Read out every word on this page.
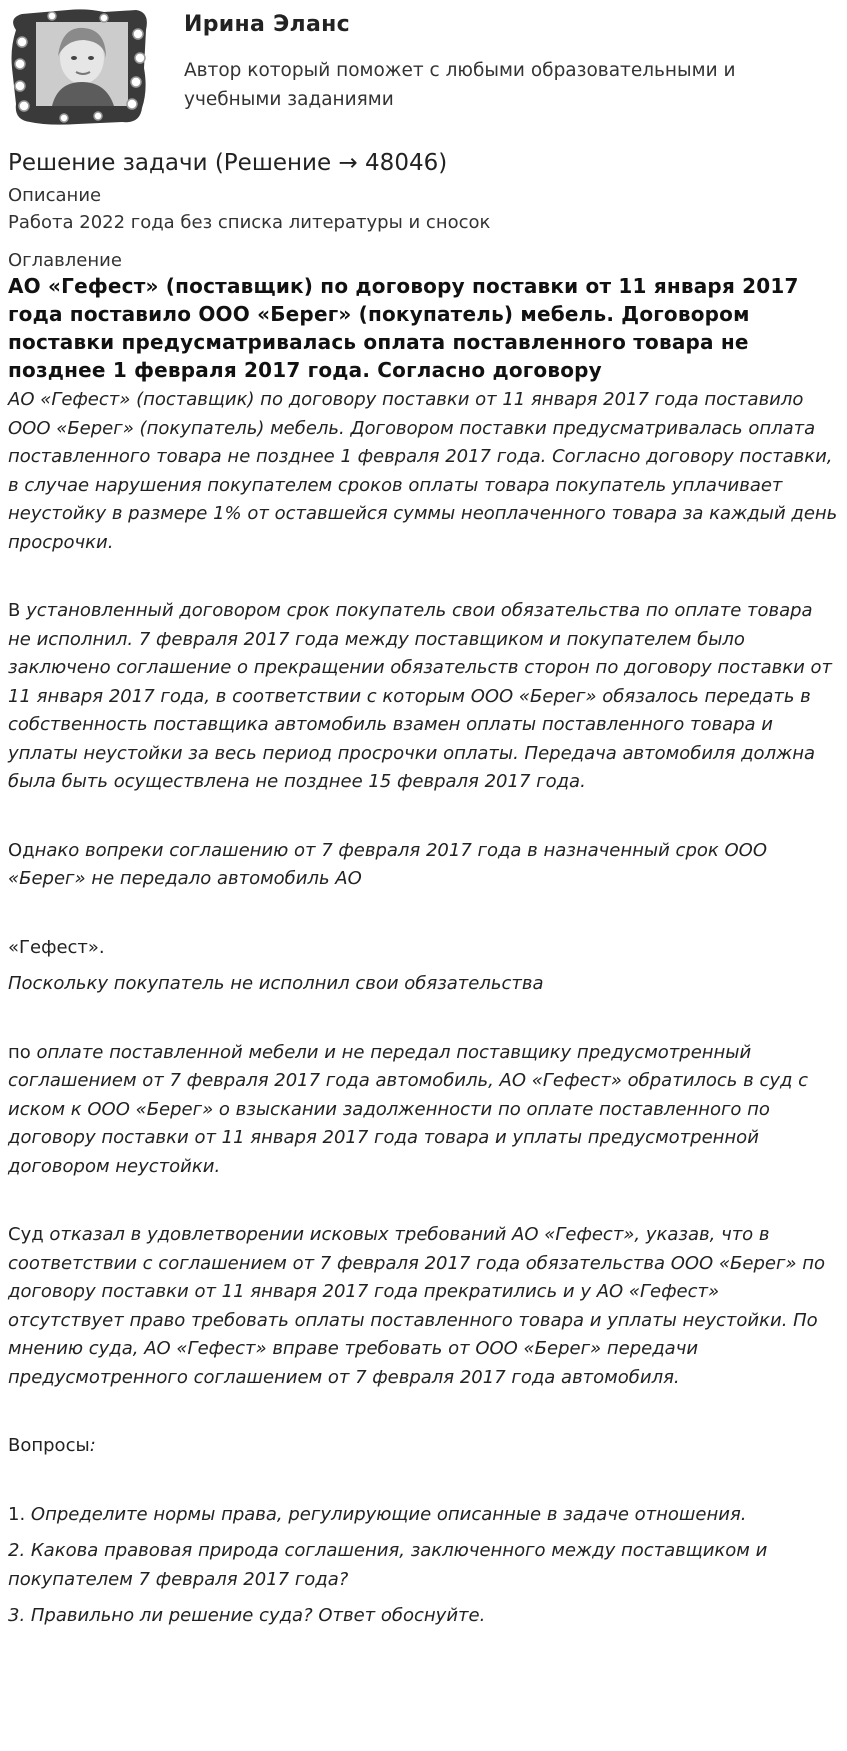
Ирина Эланс

Автор который поможет с любыми образовательными и учебными заданиями

Решение задачи (Решение → 48046)

Описание

Работа 2022 года без списка литературы и сносок

Оглавление

АО «Гефест» (поставщик) по договору поставки от 11 января 2017 года поставило ООО «Берег» (покупатель) мебель. Договором поставки предусматривалась оплата поставленного товара не позднее 1 февраля 2017 года. Согласно договору

АО «Гефест» (поставщик) по договору поставки от 11 января 2017 года поставило ООО «Берег» (покупатель) мебель. Договором поставки предусматривалась оплата поставленного товара не позднее 1 февраля 2017 года. Согласно договору поставки, в случае нарушения покупателем сроков оплаты товара покупатель уплачивает неустойку в размере 1% от оставшейся суммы неоплаченного товара за каждый день просрочки.

В установленный договором срок покупатель свои обязательства по оплате товара не исполнил. 7 февраля 2017 года между поставщиком и покупателем было заключено соглашение о прекращении обязательств сторон по договору поставки от 11 января 2017 года, в соответствии с которым ООО «Берег» обязалось передать в собственность поставщика автомобиль взамен оплаты поставленного товара и уплаты неустойки за весь период просрочки оплаты. Передача автомобиля должна была быть осуществлена не позднее 15 февраля 2017 года.

Однако вопреки соглашению от 7 февраля 2017 года в назначенный срок ООО «Берег» не передало автомобиль АО

«Гефест».

Поскольку покупатель не исполнил свои обязательства

по оплате поставленной мебели и не передал поставщику предусмотренный соглашением от 7 февраля 2017 года автомобиль, АО «Гефест» обратилось в суд с иском к ООО «Берег» о взыскании задолженности по оплате поставленного по договору поставки от 11 января 2017 года товара и уплаты предусмотренной договором неустойки.

Суд отказал в удовлетворении исковых требований АО «Гефест», указав, что в соответствии с соглашением от 7 февраля 2017 года обязательства ООО «Берег» по договору поставки от 11 января 2017 года прекратились и у АО «Гефест» отсутствует право требовать оплаты поставленного товара и уплаты неустойки. По мнению суда, АО «Гефест» вправе требовать от ООО «Берег» передачи предусмотренного соглашением от 7 февраля 2017 года автомобиля.

Вопросы:

1. Определите нормы права, регулирующие описанные в задаче отношения.

2. Какова правовая природа соглашения, заключенного между поставщиком и покупателем 7 февраля 2017 года?

3. Правильно ли решение суда? Ответ обоснуйте.
